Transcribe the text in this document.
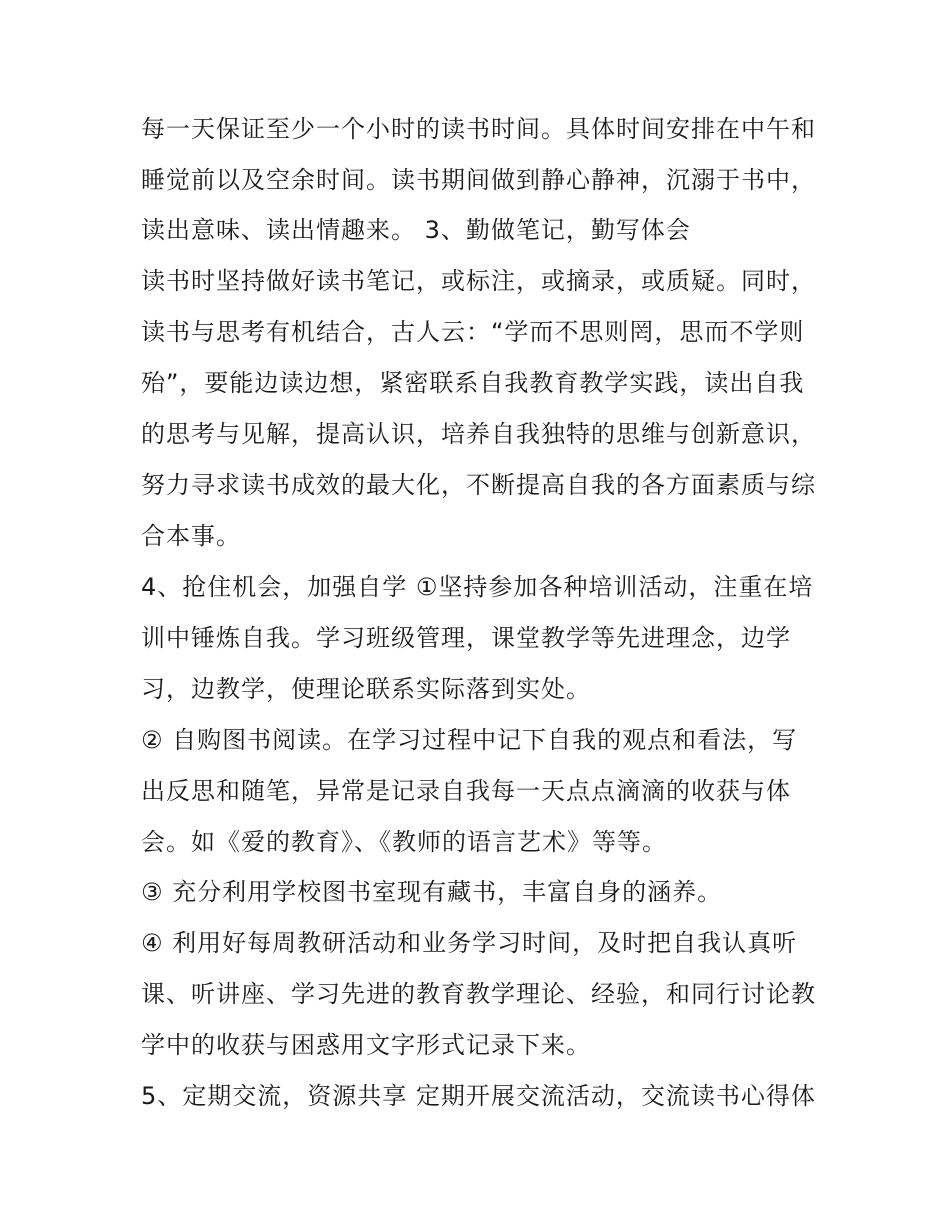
每一天保证至少一个小时的读书时间。具体时间安排在中午和
睡觉前以及空余时间。读书期间做到静心静神，沉溺于书中，
读出意味、读出情趣来。 3、勤做笔记，勤写体会
读书时坚持做好读书笔记，或标注，或摘录，或质疑。同时，
读书与思考有机结合，古人云：“学而不思则罔，思而不学则
殆”，要能边读边想，紧密联系自我教育教学实践，读出自我
的思考与见解，提高认识，培养自我独特的思维与创新意识，
努力寻求读书成效的最大化，不断提高自我的各方面素质与综
合本事。
4、抢住机会，加强自学 ①坚持参加各种培训活动，注重在培
训中锤炼自我。学习班级管理，课堂教学等先进理念，边学
习，边教学，使理论联系实际落到实处。
② 自购图书阅读。在学习过程中记下自我的观点和看法，写
出反思和随笔，异常是记录自我每一天点点滴滴的收获与体
会。如《爱的教育》、《教师的语言艺术》等等。
③ 充分利用学校图书室现有藏书，丰富自身的涵养。
④ 利用好每周教研活动和业务学习时间，及时把自我认真听
课、听讲座、学习先进的教育教学理论、经验，和同行讨论教
学中的收获与困惑用文字形式记录下来。
5、定期交流，资源共享 定期开展交流活动，交流读书心得体
